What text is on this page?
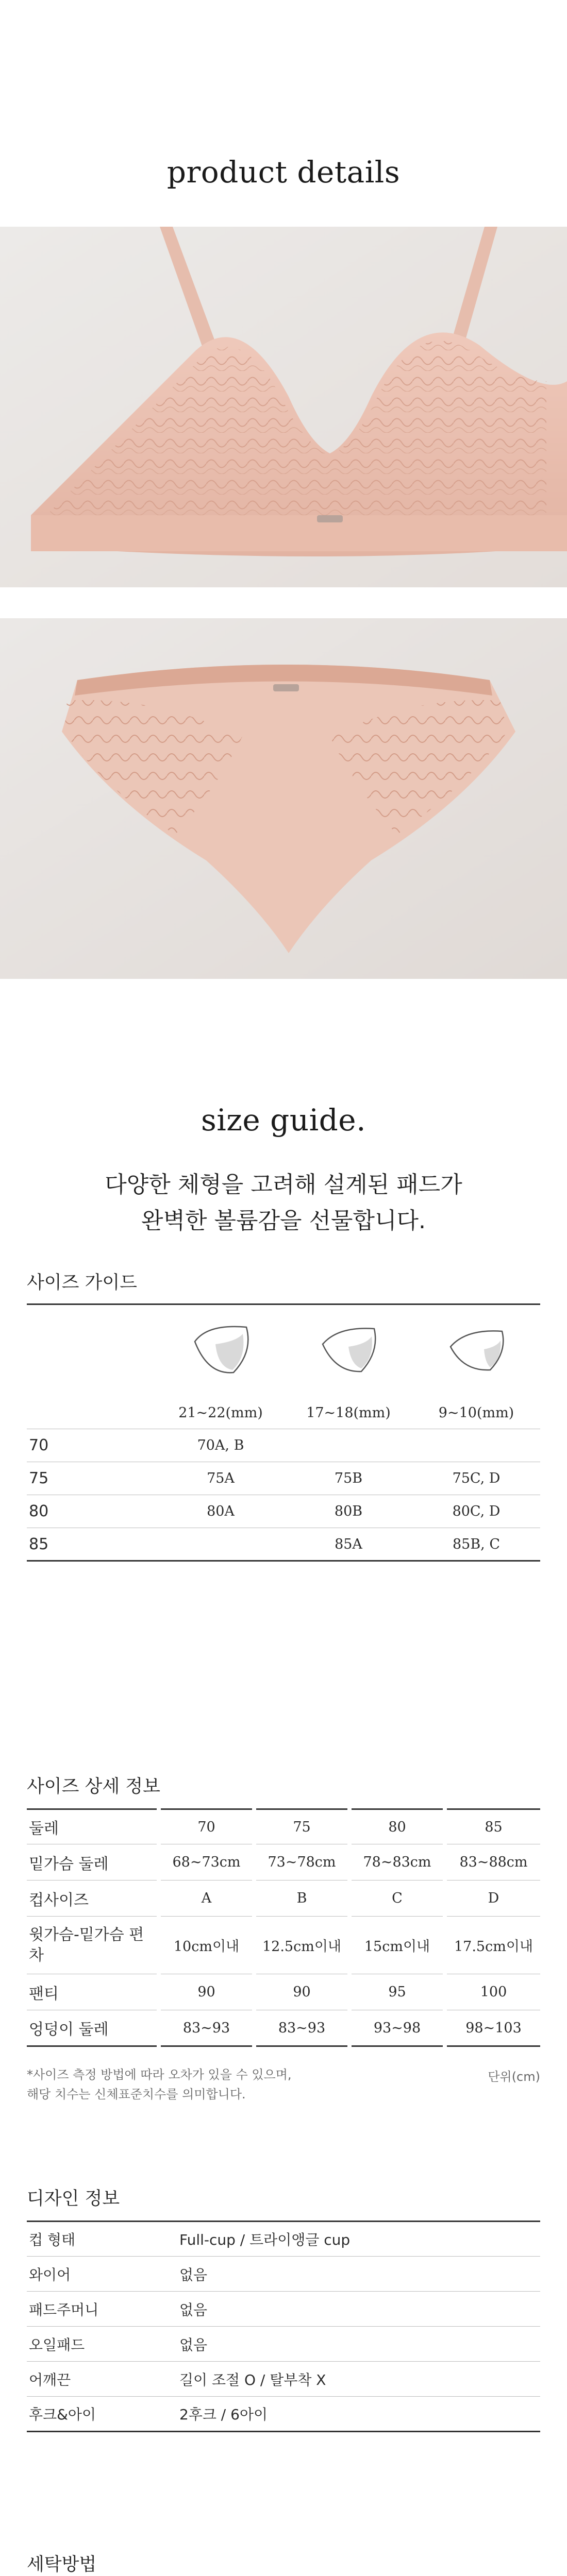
product details
size guide.
다양한 체형을 고려해 설계된 패드가
완벽한 볼륨감을 선물합니다.
사이즈 가이드

	21~22(mm)	17~18(mm)	9~10(mm)
70	70A, B		
75	75A	75B	75C, D
80	80A	80B	80C, D
85		85A	85B, C
사이즈 상세 정보
둘레	70	75	80	85
밑가슴 둘레	68~73cm	73~78cm	78~83cm	83~88cm
컵사이즈	A	B	C	D
윗가슴-밑가슴 편차	10cm이내	12.5cm이내	15cm이내	17.5cm이내
팬티	90	90	95	100
엉덩이 둘레	83~93	83~93	93~98	98~103
*사이즈 측정 방법에 따라 오차가 있을 수 있으며,
해당 치수는 신체표준치수를 의미합니다.
단위(cm)
디자인 정보
컵 형태	Full-cup / 트라이앵글 cup
와이어	없음
패드주머니	없음
오일패드	없음
어깨끈	길이 조절 O / 탈부착 X
후크&아이	2후크 / 6아이
세탁방법
